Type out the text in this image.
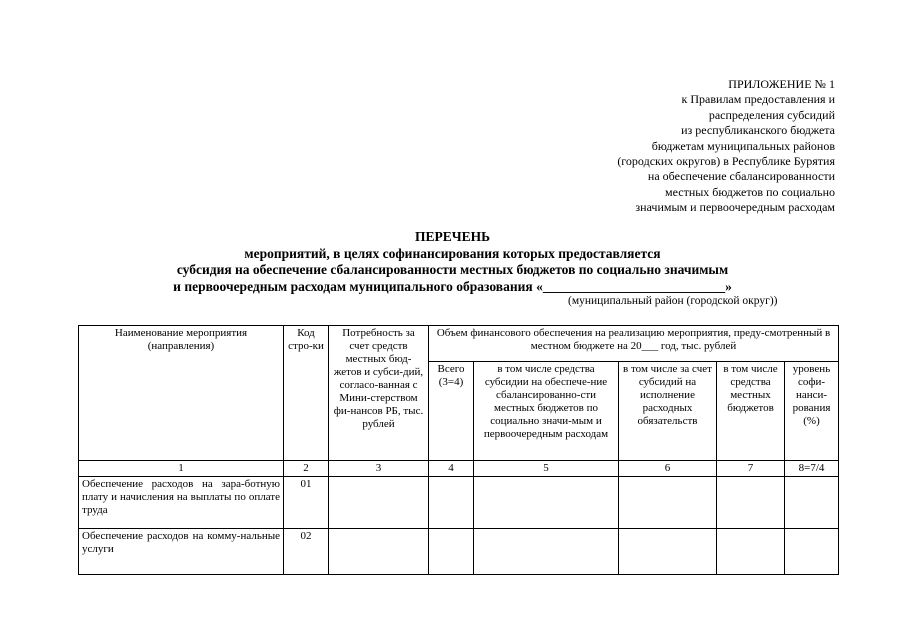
ПРИЛОЖЕНИЕ № 1
к Правилам предоставления и
распределения субсидий
из республиканского бюджета
бюджетам муниципальных районов
(городских округов) в Республике Бурятия
на обеспечение сбалансированности
местных бюджетов по социально
значимым и первоочередным расходам
ПЕРЕЧЕНЬ
мероприятий, в целях софинансирования которых предоставляется
субсидия на обеспечение сбалансированности местных бюджетов по социально значимым
и первоочередным расходам муниципального образования «___________________________»
(муниципальный район (городской округ))
Наименование мероприятия (направления)	Код стро-ки	Потребность за счет средств местных бюд-жетов и субси-дий, согласо-ванная с Мини-стерством фи-нансов РБ, тыс. рублей	Объем финансового обеспечения на реализацию мероприятия, преду-смотренный в местном бюджете на 20___ год, тыс. рублей				
			Всего (3=4)	в том числе средства субсидии на обеспече-ние сбалансированно-сти местных бюджетов по социально значи-мым и первоочередным расходам	в том числе за счет субсидий на исполнение расходных обязательств	в том числе средства местных бюджетов	уровень софи-нанси-рования (%)
1	2	3	4	5	6	7	8=7/4
Обеспечение расходов на зара-ботную плату и начисления на выплаты по оплате труда	01						
Обеспечение расходов на комму-нальные услуги	02						
